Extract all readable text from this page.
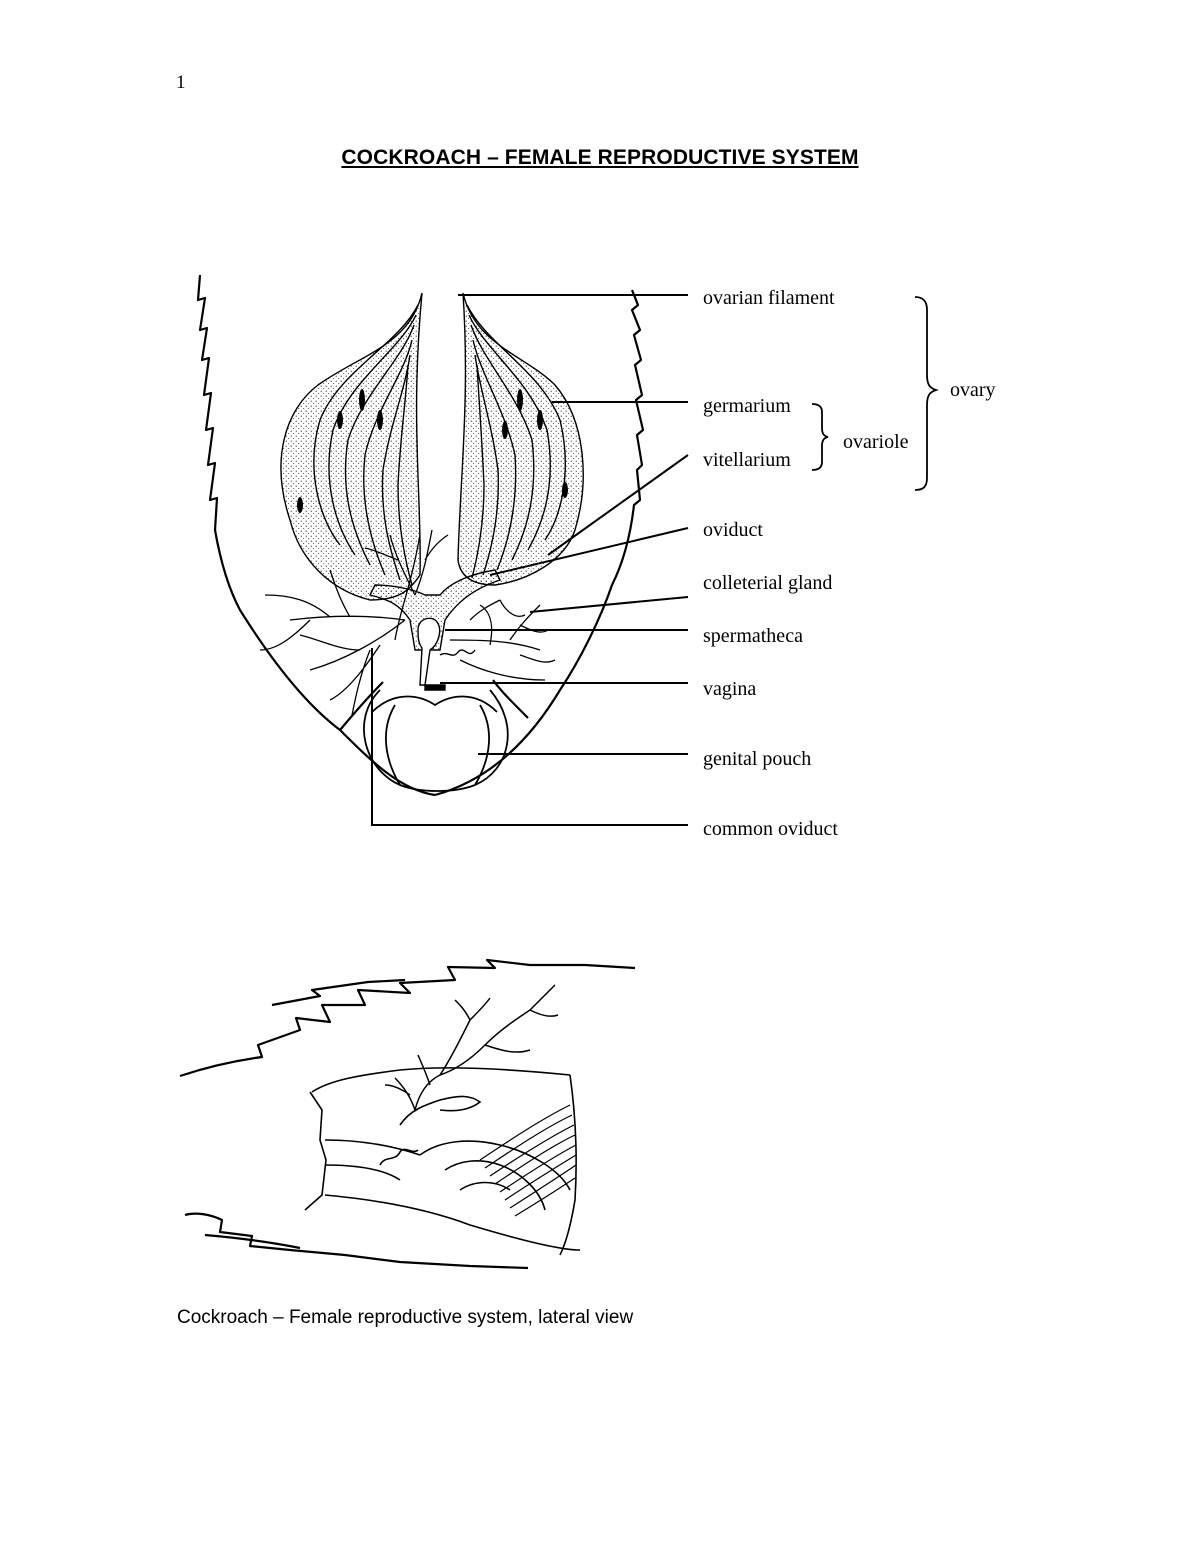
1
COCKROACH – FEMALE REPRODUCTIVE SYSTEM
ovarian filament
germarium
vitellarium
oviduct
colleterial gland
spermatheca
vagina
genital pouch
common oviduct
ovariole
ovary
Cockroach – Female reproductive system, lateral view
